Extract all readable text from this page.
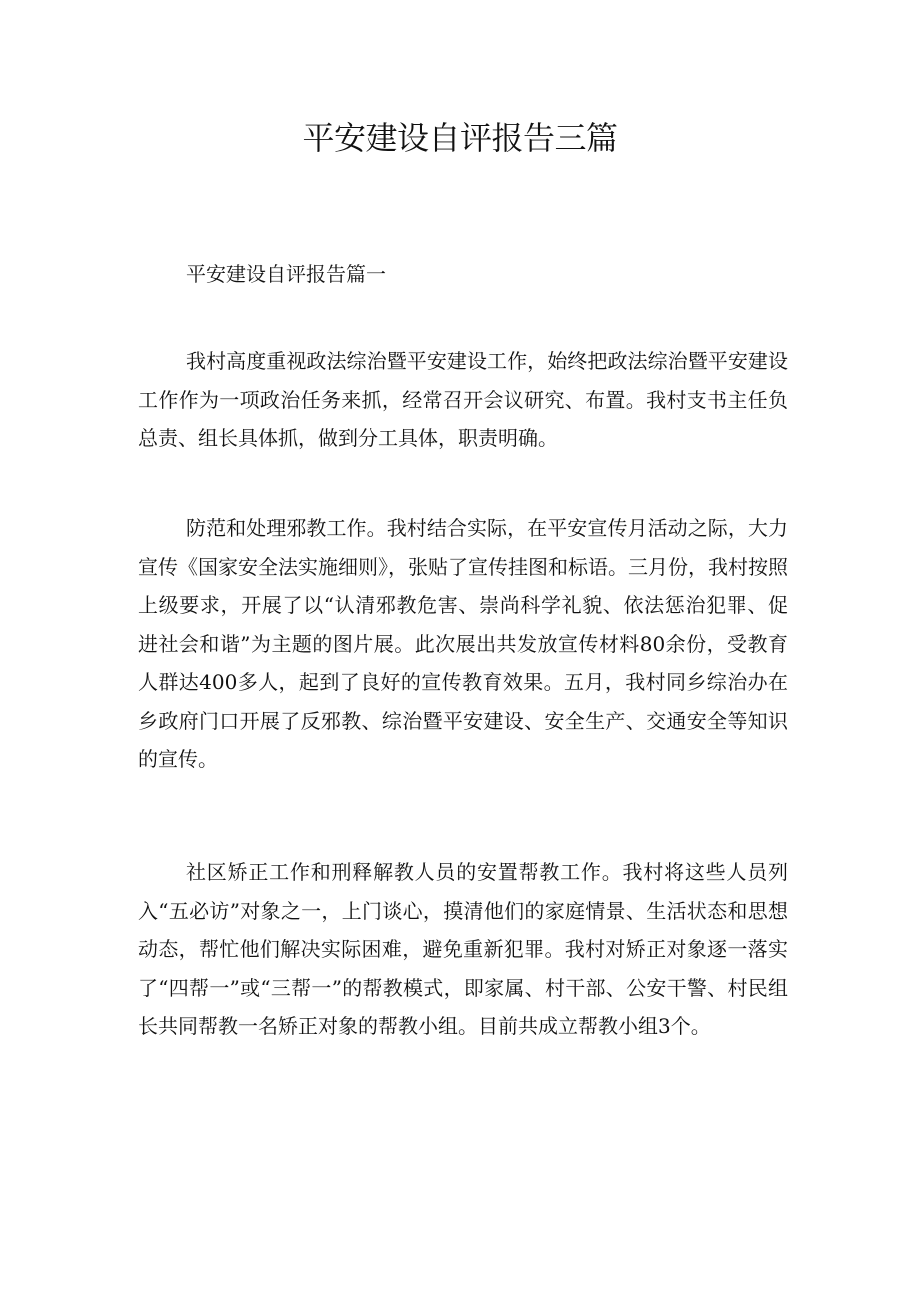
平安建设自评报告三篇

平安建设自评报告篇一

我村高度重视政法综治暨平安建设工作，始终把政法综治暨平安建设工作作为一项政治任务来抓，经常召开会议研究、布置。我村支书主任负总责、组长具体抓，做到分工具体，职责明确。

防范和处理邪教工作。我村结合实际，在平安宣传月活动之际，大力宣传《国家安全法实施细则》，张贴了宣传挂图和标语。三月份，我村按照上级要求，开展了以“认清邪教危害、崇尚科学礼貌、依法惩治犯罪、促进社会和谐”为主题的图片展。此次展出共发放宣传材料80余份，受教育人群达400多人，起到了良好的宣传教育效果。五月，我村同乡综治办在乡政府门口开展了反邪教、综治暨平安建设、安全生产、交通安全等知识的宣传。

社区矫正工作和刑释解教人员的安置帮教工作。我村将这些人员列入“五必访”对象之一，上门谈心，摸清他们的家庭情景、生活状态和思想动态，帮忙他们解决实际困难，避免重新犯罪。我村对矫正对象逐一落实了“四帮一”或“三帮一”的帮教模式，即家属、村干部、公安干警、村民组长共同帮教一名矫正对象的帮教小组。目前共成立帮教小组3个。
